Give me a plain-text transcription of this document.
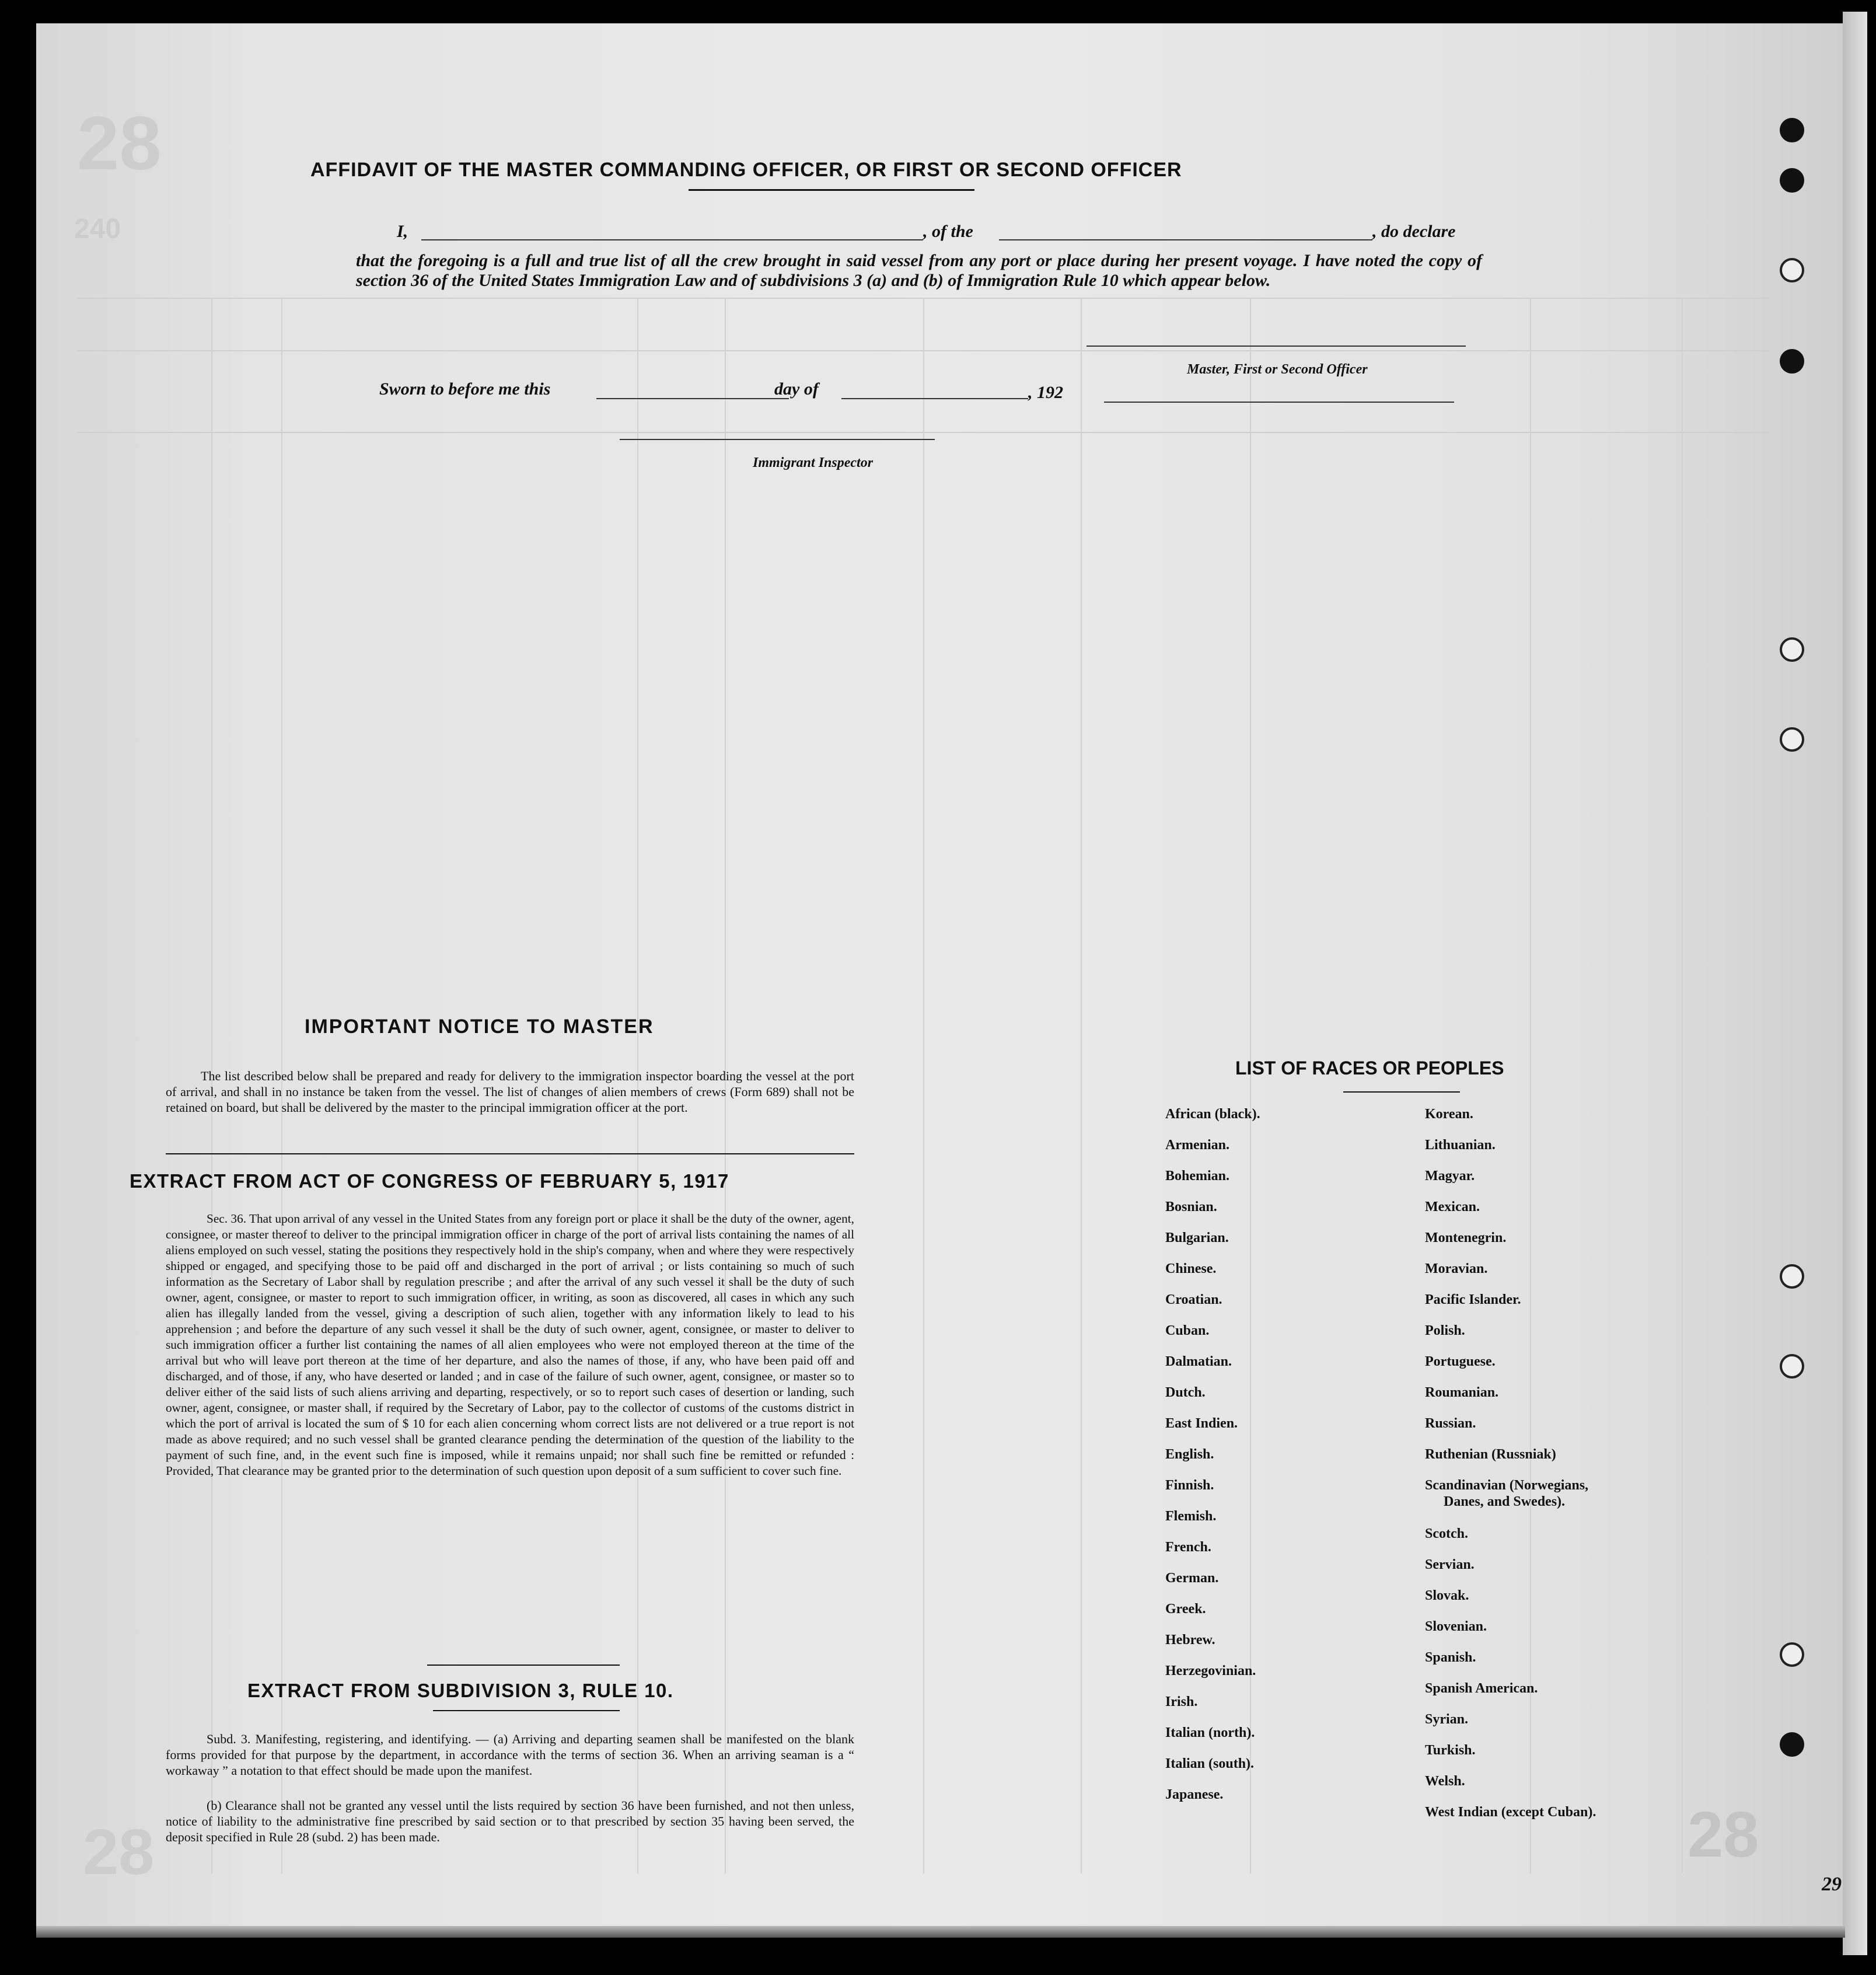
28
240
28	28
AFFIDAVIT OF THE MASTER COMMANDING OFFICER, OR FIRST OR SECOND OFFICER
I,	, of the	, do declare
that the foregoing is a full and true list of all the crew brought in said vessel from any port or place during her present voyage. I have noted the copy of section 36 of the United States Immigration Law and of subdivisions 3 (a) and (b) of Immigration Rule 10 which appear below.
Master, First or Second Officer
Sworn to before me this	day of	, 192
Immigrant Inspector
IMPORTANT NOTICE TO MASTER
The list described below shall be prepared and ready for delivery to the immigration inspector boarding the vessel at the port of arrival, and shall in no instance be taken from the vessel. The list of changes of alien members of crews (Form 689) shall not be retained on board, but shall be delivered by the master to the principal immigration officer at the port.
EXTRACT FROM ACT OF CONGRESS OF FEBRUARY 5, 1917
Sec. 36. That upon arrival of any vessel in the United States from any foreign port or place it shall be the duty of the owner, agent, consignee, or master thereof to deliver to the principal immigration officer in charge of the port of arrival lists containing the names of all aliens employed on such vessel, stating the positions they respectively hold in the ship's company, when and where they were respectively shipped or engaged, and specifying those to be paid off and discharged in the port of arrival ; or lists containing so much of such information as the Secretary of Labor shall by regulation prescribe ; and after the arrival of any such vessel it shall be the duty of such owner, agent, consignee, or master to report to such immigration officer, in writing, as soon as discovered, all cases in which any such alien has illegally landed from the vessel, giving a description of such alien, together with any information likely to lead to his apprehension ; and before the departure of any such vessel it shall be the duty of such owner, agent, consignee, or master to deliver to such immigration officer a further list containing the names of all alien employees who were not employed thereon at the time of the arrival but who will leave port thereon at the time of her departure, and also the names of those, if any, who have been paid off and discharged, and of those, if any, who have deserted or landed ; and in case of the failure of such owner, agent, consignee, or master so to deliver either of the said lists of such aliens arriving and departing, respectively, or so to report such cases of desertion or landing, such owner, agent, consignee, or master shall, if required by the Secretary of Labor, pay to the collector of customs of the customs district in which the port of arrival is located the sum of $ 10 for each alien concerning whom correct lists are not delivered or a true report is not made as above required; and no such vessel shall be granted clearance pending the determination of the question of the liability to the payment of such fine, and, in the event such fine is imposed, while it remains unpaid; nor shall such fine be remitted or refunded : Provided, That clearance may be granted prior to the determination of such question upon deposit of a sum sufficient to cover such fine.
EXTRACT FROM SUBDIVISION 3, RULE 10.
Subd. 3. Manifesting, registering, and identifying. — (a) Arriving and departing seamen shall be manifested on the blank forms provided for that purpose by the department, in accordance with the terms of section 36. When an arriving seaman is a “ workaway ” a notation to that effect should be made upon the manifest.
(b) Clearance shall not be granted any vessel until the lists required by section 36 have been furnished, and not then unless, notice of liability to the administrative fine prescribed by said section or to that prescribed by section 35 having been served, the deposit specified in Rule 28 (subd. 2) has been made.
LIST OF RACES OR PEOPLES
African (black).
Armenian.
Bohemian.
Bosnian.
Bulgarian.
Chinese.
Croatian.
Cuban.
Dalmatian.
Dutch.
East Indien.
English.
Finnish.
Flemish.
French.
German.
Greek.
Hebrew.
Herzegovinian.
Irish.
Italian (north).
Italian (south).
Japanese.
Korean.
Lithuanian.
Magyar.
Mexican.
Montenegrin.
Moravian.
Pacific Islander.
Polish.
Portuguese.
Roumanian.
Russian.
Ruthenian (Russniak)
Scandinavian (Norwegians,
Danes, and Swedes).
Scotch.
Servian.
Slovak.
Slovenian.
Spanish.
Spanish American.
Syrian.
Turkish.
Welsh.
West Indian (except Cuban).
29
